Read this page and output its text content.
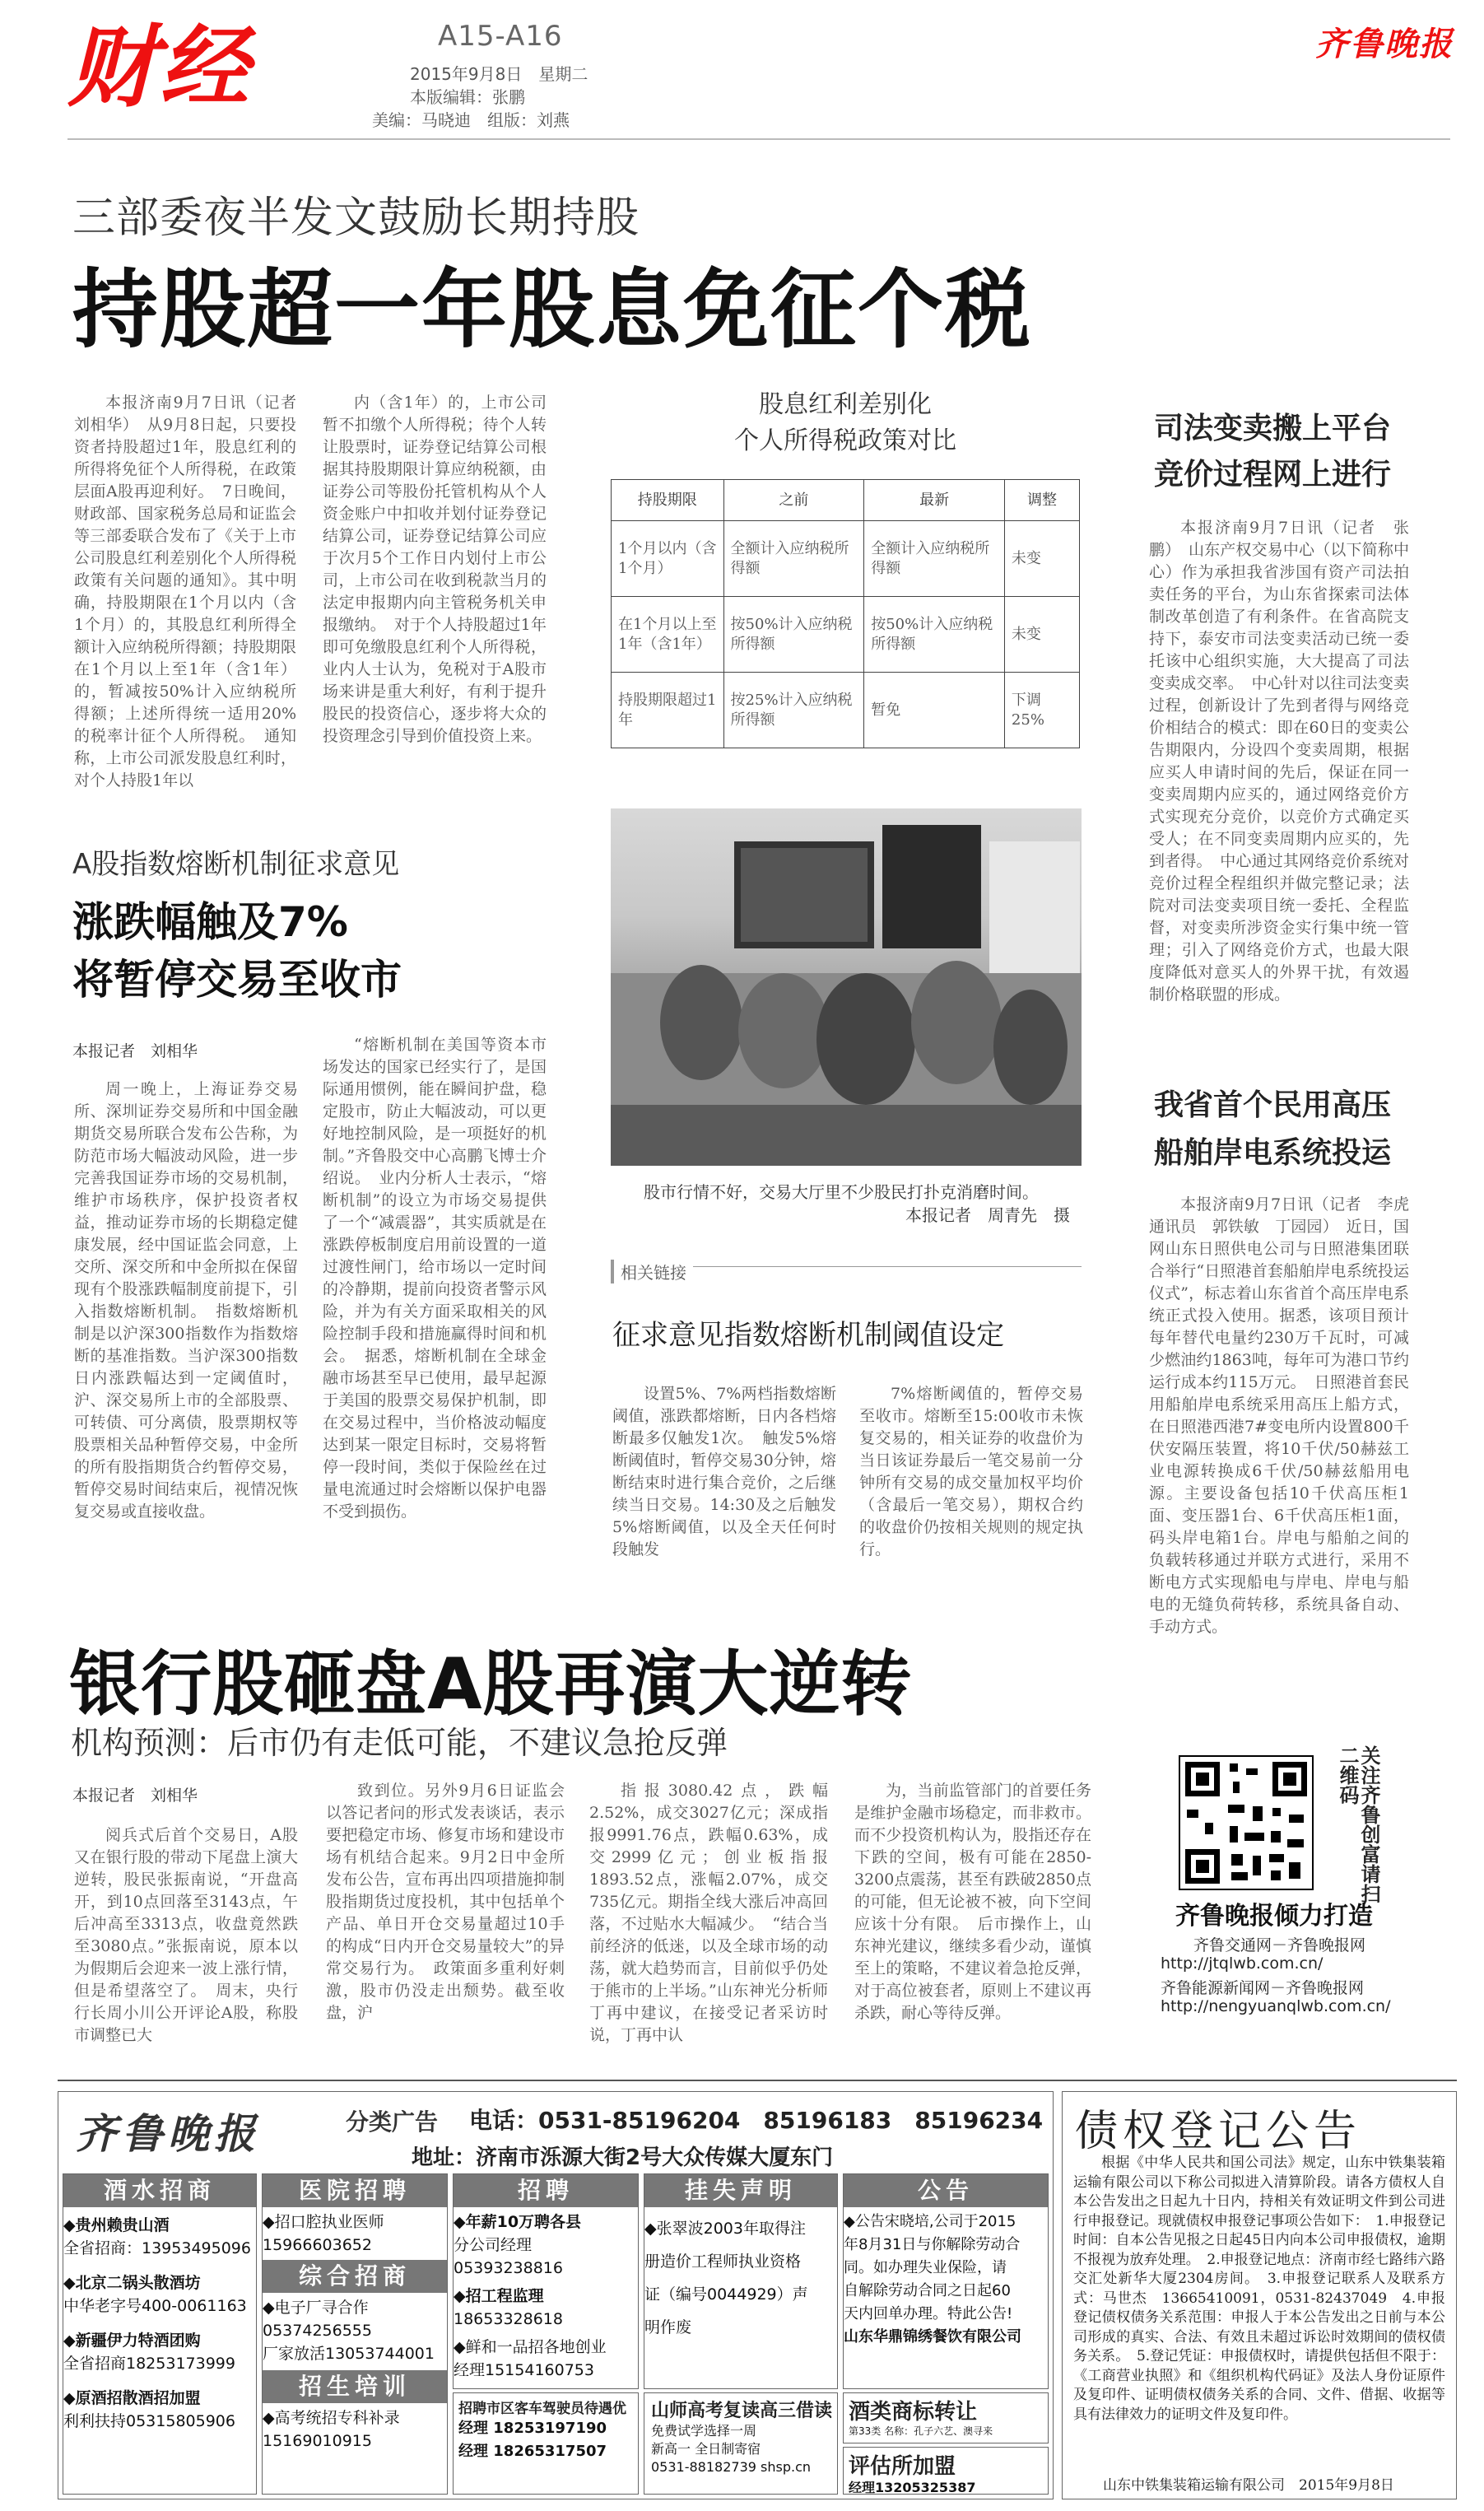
财经	A15-A16
2015年9月8日　星期二
本版编辑：张鹏
美编：马晓迪　组版：刘燕
齐鲁晚报
三部委夜半发文鼓励长期持股
持股超一年股息免征个税
本报济南9月7日讯（记者　刘相华）　从9月8日起，只要投资者持股超过1年，股息红利的所得将免征个人所得税，在政策层面A股再迎利好。　7日晚间，财政部、国家税务总局和证监会等三部委联合发布了《关于上市公司股息红利差别化个人所得税政策有关问题的通知》。其中明确，持股期限在1个月以内（含1个月）的，其股息红利所得全额计入应纳税所得额；持股期限在1个月以上至1年（含1年）的，暂减按50%计入应纳税所得额；上述所得统一适用20%的税率计征个人所得税。　通知称，上市公司派发股息红利时，对个人持股1年以
内（含1年）的，上市公司暂不扣缴个人所得税；待个人转让股票时，证券登记结算公司根据其持股期限计算应纳税额，由证券公司等股份托管机构从个人资金账户中扣收并划付证券登记结算公司，证券登记结算公司应于次月5个工作日内划付上市公司，上市公司在收到税款当月的法定申报期内向主管税务机关申报缴纳。　对于个人持股超过1年即可免缴股息红利个人所得税，业内人士认为，免税对于A股市场来讲是重大利好，有利于提升股民的投资信心，逐步将大众的投资理念引导到价值投资上来。
股息红利差别化
个人所得税政策对比
持股期限	之前	最新	调整
1个月以内（含1个月）	全额计入应纳税所得额	全额计入应纳税所得额	未变
在1个月以上至1年（含1年）	按50%计入应纳税所得额	按50%计入应纳税所得额	未变
持股期限超过1年	按25%计入应纳税所得额	暂免	下调25%
司法变卖搬上平台
竞价过程网上进行
本报济南9月7日讯（记者　张鹏）　山东产权交易中心（以下简称中心）作为承担我省涉国有资产司法拍卖任务的平台，为山东省探索司法体制改革创造了有利条件。在省高院支持下，泰安市司法变卖活动已统一委托该中心组织实施，大大提高了司法变卖成交率。　中心针对以往司法变卖过程，创新设计了先到者得与网络竞价相结合的模式：即在60日的变卖公告期限内，分设四个变卖周期，根据应买人申请时间的先后，保证在同一变卖周期内应买的，通过网络竞价方式实现充分竞价，以竞价方式确定买受人；在不同变卖周期内应买的，先到者得。　中心通过其网络竞价系统对竞价过程全程组织并做完整记录；法院对司法变卖项目统一委托、全程监督，对变卖所涉资金实行集中统一管理；引入了网络竞价方式，也最大限度降低对意买人的外界干扰，有效遏制价格联盟的形成。
A股指数熔断机制征求意见
涨跌幅触及7%
将暂停交易至收市
本报记者　刘相华
周一晚上，上海证券交易所、深圳证券交易所和中国金融期货交易所联合发布公告称，为防范市场大幅波动风险，进一步完善我国证券市场的交易机制，维护市场秩序，保护投资者权益，推动证券市场的长期稳定健康发展，经中国证监会同意，上交所、深交所和中金所拟在保留现有个股涨跌幅制度前提下，引入指数熔断机制。　指数熔断机制是以沪深300指数作为指数熔断的基准指数。当沪深300指数日内涨跌幅达到一定阈值时，沪、深交易所上市的全部股票、可转债、可分离债，股票期权等股票相关品种暂停交易，中金所的所有股指期货合约暂停交易，暂停交易时间结束后，视情况恢复交易或直接收盘。
“熔断机制在美国等资本市场发达的国家已经实行了，是国际通用惯例，能在瞬间护盘，稳定股市，防止大幅波动，可以更好地控制风险，是一项挺好的机制。”齐鲁股交中心高鹏飞博士介绍说。　业内分析人士表示，“熔断机制”的设立为市场交易提供了一个“减震器”，其实质就是在涨跌停板制度启用前设置的一道过渡性闸门，给市场以一定时间的冷静期，提前向投资者警示风险，并为有关方面采取相关的风险控制手段和措施赢得时间和机会。　据悉，熔断机制在全球金融市场甚至早已使用，最早起源于美国的股票交易保护机制，即在交易过程中，当价格波动幅度达到某一限定目标时，交易将暂停一段时间，类似于保险丝在过量电流通过时会熔断以保护电器不受到损伤。
股市行情不好，交易大厅里不少股民打扑克消磨时间。
本报记者　周青先　摄
相关链接
征求意见指数熔断机制阈值设定
设置5%、7%两档指数熔断阈值，涨跌都熔断，日内各档熔断最多仅触发1次。　触发5%熔断阈值时，暂停交易30分钟，熔断结束时进行集合竞价，之后继续当日交易。14:30及之后触发5%熔断阈值，以及全天任何时段触发
7%熔断阈值的，暂停交易至收市。熔断至15:00收市未恢复交易的，相关证券的收盘价为当日该证券最后一笔交易前一分钟所有交易的成交量加权平均价（含最后一笔交易），期权合约的收盘价仍按相关规则的规定执行。
我省首个民用高压
船舶岸电系统投运
本报济南9月7日讯（记者　李虎　通讯员　郭铁敏　丁园园）　近日，国网山东日照供电公司与日照港集团联合举行“日照港首套船舶岸电系统投运仪式”，标志着山东省首个高压岸电系统正式投入使用。据悉，该项目预计每年替代电量约230万千瓦时，可减少燃油约1863吨，每年可为港口节约运行成本约115万元。　日照港首套民用船舶岸电系统采用高压上船方式，在日照港西港7#变电所内设置800千伏安隔压装置，将10千伏/50赫兹工业电源转换成6千伏/50赫兹船用电源。主要设备包括10千伏高压柜1面、变压器1台、6千伏高压柜1面，码头岸电箱1台。岸电与船舶之间的负载转移通过并联方式进行，采用不断电方式实现船电与岸电、岸电与船电的无缝负荷转移，系统具备自动、手动方式。
银行股砸盘A股再演大逆转
机构预测：后市仍有走低可能，不建议急抢反弹
本报记者　刘相华
阅兵式后首个交易日，A股又在银行股的带动下尾盘上演大逆转，股民张振南说，“开盘高开，到10点回落至3143点，午后冲高至3313点，收盘竟然跌至3080点。”张振南说，原本以为假期后会迎来一波上涨行情，但是希望落空了。　周末，央行行长周小川公开评论A股，称股市调整已大
致到位。另外9月6日证监会以答记者问的形式发表谈话，表示要把稳定市场、修复市场和建设市场有机结合起来。9月2日中金所发布公告，宣布再出四项措施抑制股指期货过度投机，其中包括单个产品、单日开仓交易量超过10手的构成“日内开仓交易量较大”的异常交易行为。　政策面多重利好刺激，股市仍没走出颓势。截至收盘，沪
指报3080.42点，跌幅2.52%，成交3027亿元；深成指报9991.76点，跌幅0.63%，成交2999亿元；创业板指报1893.52点，涨幅2.07%，成交735亿元。期指全线大涨后冲高回落，不过贴水大幅减少。　“结合当前经济的低迷，以及全球市场的动荡，就大趋势而言，目前似乎仍处于熊市的上半场。”山东神光分析师丁再中建议，在接受记者采访时说，丁再中认
为，当前监管部门的首要任务是维护金融市场稳定，而非救市。而不少投资机构认为，股指还存在下跌的空间，极有可能在2850-3200点震荡，甚至有跌破2850点的可能，但无论被不被，向下空间应该十分有限。　后市操作上，山东神光建议，继续多看少动，谨慎至上的策略，不建议着急抢反弹，对于高位被套者，原则上不建议再杀跌，耐心等待反弹。
关注齐鲁创富请扫二维码
齐鲁晚报倾力打造
齐鲁交通网－齐鲁晚报网
http://jtqlwb.com.cn/
齐鲁能源新闻网－齐鲁晚报网
http://nengyuanqlwb.com.cn/
齐鲁晚报	分类广告 电话：0531-85196204　85196183　85196234
地址：济南市泺源大街2号大众传媒大厦东门
酒水招商
◆贵州赖贵山酒
全省招商：13953495096
◆北京二锅头散酒坊
中华老字号400-0061163
◆新疆伊力特酒团购
全省招商18253173999
◆原酒招散酒招加盟
利利扶持05315805906
医院招聘
◆招口腔执业医师
15966603652
综合招商
◆电子厂寻合作
05374256555
厂家放活13053744001
招生培训
◆高考统招专科补录
15169010915
招聘
◆年薪10万聘各县
分公司经理
05393238816
◆招工程监理
18653328618
◆鲜和一品招各地创业
经理15154160753
挂失声明
◆张翠波2003年取得注
册造价工程师执业资格
证（编号0044929）声
明作废
公告
◆公告宋晓培,公司于2015
年8月31日与你解除劳动合
同。如办理失业保险，请
自解除劳动合同之日起60
天内回单办理。特此公告!
山东华鼎锦绣餐饮有限公司
山师高考复读高三借读
免费试学选择一周
新高一 全日制寄宿
0531-88182739 shsp.cn
酒类商标转让
第33类 名称：孔子六艺、澳寻来
招聘市区客车驾驶员待遇优
经理 18253197190
经理 18265317507
评估所加盟
经理13205325387
债权登记公告
根据《中华人民共和国公司法》规定，山东中铁集装箱运输有限公司以下称公司拟进入清算阶段。请各方债权人自本公告发出之日起九十日内，持相关有效证明文件到公司进行申报登记。现就债权申报登记事项公告如下：　1.申报登记时间：自本公告见报之日起45日内向本公司申报债权，逾期不报视为放弃处理。　2.申报登记地点：济南市经七路纬六路交汇处新华大厦2304房间。　3.申报登记联系人及联系方式：马世杰　13665410091，0531-82437049　4.申报登记债权债务关系范围：申报人于本公告发出之日前与本公司形成的真实、合法、有效且未超过诉讼时效期间的债权债务关系。　5.登记凭证：申报债权时，请提供包括但不限于：《工商营业执照》和《组织机构代码证》及法人身份证原件及复印件、证明债权债务关系的合同、文件、借据、收据等具有法律效力的证明文件及复印件。
山东中铁集装箱运输有限公司　2015年9月8日
